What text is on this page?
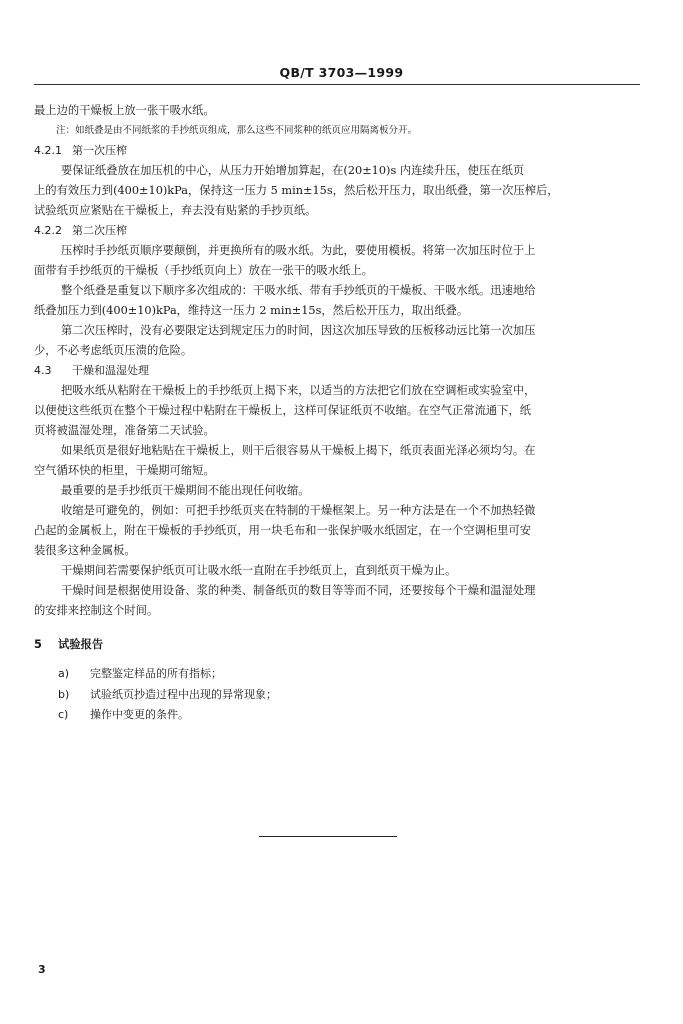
QB/T 3703—1999
最上边的干燥板上放一张干吸水纸。
注：如纸叠是由不同纸浆的手抄纸页组成，那么这些不同浆种的纸页应用隔离板分开。
4.2.1 第一次压榨
要保证纸叠放在加压机的中心，从压力开始增加算起，在(20±10)s 内连续升压，使压在纸页
上的有效压力到(400±10)kPa，保持这一压力 5 min±15s，然后松开压力，取出纸叠，第一次压榨后，
试验纸页应紧贴在干燥板上，弃去没有贴紧的手抄页纸。
4.2.2 第二次压榨
压榨时手抄纸页顺序要颠倒，并更换所有的吸水纸。为此，要使用模板。将第一次加压时位于上
面带有手抄纸页的干燥板（手抄纸页向上）放在一张干的吸水纸上。
整个纸叠是重复以下顺序多次组成的：干吸水纸、带有手抄纸页的干燥板、干吸水纸。迅速地给
纸叠加压力到(400±10)kPa，维持这一压力 2 min±15s，然后松开压力，取出纸叠。
第二次压榨时，没有必要限定达到规定压力的时间，因这次加压导致的压板移动远比第一次加压
少，不必考虑纸页压溃的危险。
4.3 干燥和温湿处理
把吸水纸从粘附在干燥板上的手抄纸页上揭下来，以适当的方法把它们放在空调柜或实验室中，
以便使这些纸页在整个干燥过程中粘附在干燥板上，这样可保证纸页不收缩。在空气正常流通下，纸
页将被温湿处理，准备第二天试验。
如果纸页是很好地粘贴在干燥板上，则干后很容易从干燥板上揭下，纸页表面光泽必须均匀。在
空气循环快的柜里，干燥期可缩短。
最重要的是手抄纸页干燥期间不能出现任何收缩。
收缩是可避免的，例如：可把手抄纸页夹在特制的干燥框架上。另一种方法是在一个不加热轻微
凸起的金属板上，附在干燥板的手抄纸页，用一块毛布和一张保护吸水纸固定，在一个空调柜里可安
装很多这种金属板。
干燥期间若需要保护纸页可让吸水纸一直附在手抄纸页上，直到纸页干燥为止。
干燥时间是根据使用设备、浆的种类、制备纸页的数目等等而不同，还要按每个干燥和温湿处理
的安排来控制这个时间。
5 试验报告
a) 完整鉴定样品的所有指标；
b) 试验纸页抄造过程中出现的异常现象；
c) 操作中变更的条件。
3
